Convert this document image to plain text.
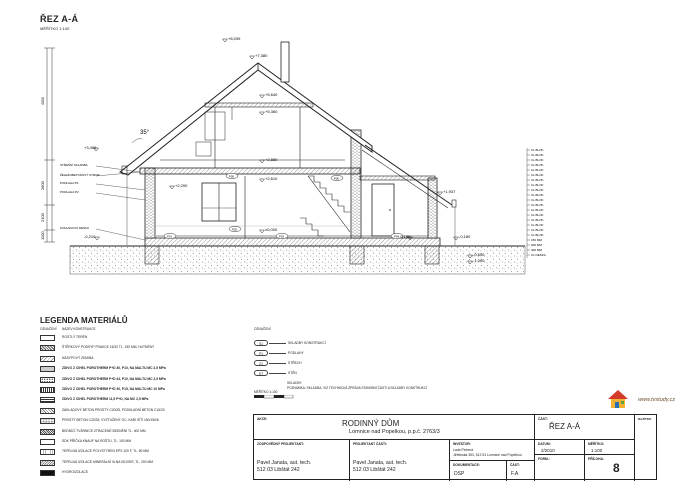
ŘEZ A-Á
MĚŘÍTKO 1:100
4000
2800
2100
1100	P01
P02
P03	P04
P05	P06
+8,039
+7,380
+5,640
+5,360
+2,880
+2,610
+2,200
+3,459
+1,937
±0,000
-0,210	-0,180	-0,180
-0,600
-1,000
35°
STŘEŠNÍ SKLADBA
ŽELEZOBETONOVÝ STROP
PODLAHA P1
PODLAHA P2
ZÁKLADOVÁ DESKA
CL BLOK
CL BLOK
CL BLOK
CL BLOK
CL BLOK
CL BLOK
CL BLOK
CL BLOK
CL BLOK
CL BLOK
CL BLOK
CL BLOK
CL BLOK
CL BLOK
CL BLOK
CL BLOK
CL BLOK
CL BLOK
150 MM
300 MM
400 MM
CL DESKA
LEGENDA MATERIÁLŮ
OZNAČENÍ NÁZEV KONSTRUKCE
ROSTLÝ TERÉN
ŠTĚRKOVÝ PODSYP FRAKCE 16/32 TL. 150 MM, HUTNĚNÝ
NÁSYPOVÝ ZEMINA
ZDIVO Z CIHEL POROTHERM P+D 30, P10, NA MALTU MC 2,5 MPa
ZDIVO Z CIHEL POROTHERM P+D 44, P10, NA MALTU MC 2,5 MPa
ZDIVO Z CIHEL POROTHERM P+D 30, P15, NA MALTU MC 10 MPa
ZDIVO Z CIHEL POROTHERM 11,5 P+D, NA MC 2,5 MPa
ZÁKLADOVÝ BETON PROSTÝ C20/25, PODKLADNÍ BETON C16/20
PROSTÝ BETON C20/25, VYZTUŽENÝ OC. KARI SÍTÍ 150/150/6
BEDNÍCÍ TVÁRNICE ZTRACENÉ BEDNĚNÍ TL. 400 MM
SDK PŘÍČKA KNAUF NA ROŠTU, TL. 100 MM
TEPELNÁ IZOLACE POLYSTYREN EPS 100 F, TL. 80 MM
TEPELNÁ IZOLACE MINERÁLNÍ VLNA ISOVER, TL. 200 MM
HYDROIZOLACE
OZNAČENÍ
S1	SKLADBY KONSTRUKCÍ
P1	PODLAHY
Z1	STŘECH
ST	STĚN
SKLADBY
POZNÁMKA: SKLADBA, VIZ TECHNICKÁ ZPRÁVA STAVEBNÍ ČÁSTI A SKLADBY KONSTRUKCÍ
MĚŘÍTKO 1:100
www.tvstudy.cz
AKCE:	RODINNÝ DŮM
Lomnice nad Popelkou, p.p.č. 2763/3
ČÁST:
ŘEZ A-Á
RAZÍTKO
ZODPOVĚDNÝ PROJEKTANT:
Pavel Janata, aut. tech.
512 03 Libštát 242
PROJEKTANT ČÁSTI:
Pavel Janata, aut. tech.
512 03 Libštát 242
INVESTOR:
Lada Pečená
Jiřetinská 353, 512 51 Lomnice nad Popelkou
DATUM:
2/2010
MĚŘÍTKO:
1:100
DOKUMENTACE:
DSP
ČÁST:
F.A
FORM.:	PŘÍLOHA:
8
